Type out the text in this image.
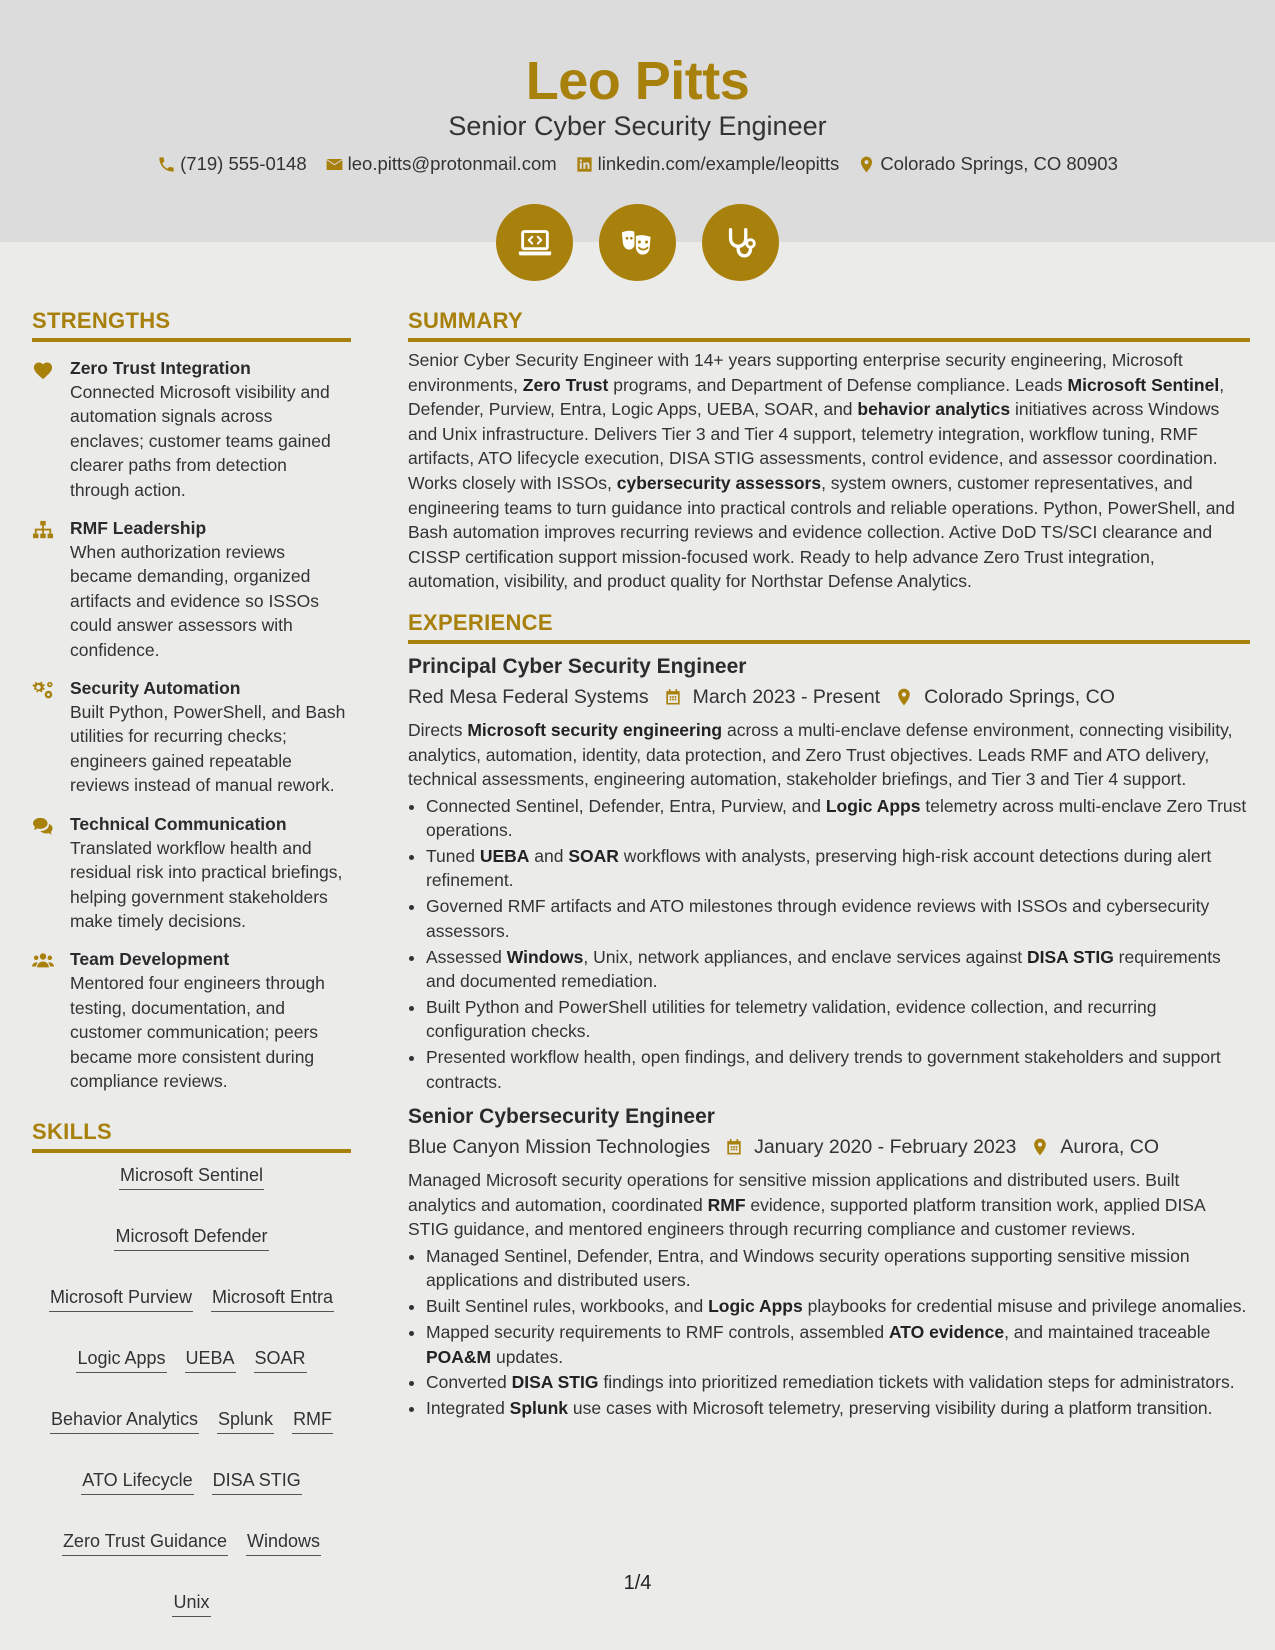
Leo Pitts
Senior Cyber Security Engineer
(719) 555-0148 leo.pitts@protonmail.com linkedin.com/example/leopitts Colorado Springs, CO 80903
STRENGTHS
Zero Trust Integration
Connected Microsoft visibility and automation signals across enclaves; customer teams gained clearer paths from detection through action.
RMF Leadership
When authorization reviews became demanding, organized artifacts and evidence so ISSOs could answer assessors with confidence.
Security Automation
Built Python, PowerShell, and Bash utilities for recurring checks; engineers gained repeatable reviews instead of manual rework.
Technical Communication
Translated workflow health and residual risk into practical briefings, helping government stakeholders make timely decisions.
Team Development
Mentored four engineers through testing, documentation, and customer communication; peers became more consistent during compliance reviews.
SKILLS
Microsoft Sentinel
Microsoft Defender
Microsoft Purview Microsoft Entra
Logic Apps UEBA SOAR
Behavior Analytics Splunk RMF
ATO Lifecycle DISA STIG
Zero Trust Guidance Windows
Unix
SUMMARY
Senior Cyber Security Engineer with 14+ years supporting enterprise security engineering, Microsoft environments, Zero Trust programs, and Department of Defense compliance. Leads Microsoft Sentinel, Defender, Purview, Entra, Logic Apps, UEBA, SOAR, and behavior analytics initiatives across Windows and Unix infrastructure. Delivers Tier 3 and Tier 4 support, telemetry integration, workflow tuning, RMF artifacts, ATO lifecycle execution, DISA STIG assessments, control evidence, and assessor coordination. Works closely with ISSOs, cybersecurity assessors, system owners, customer representatives, and engineering teams to turn guidance into practical controls and reliable operations. Python, PowerShell, and Bash automation improves recurring reviews and evidence collection. Active DoD TS/SCI clearance and CISSP certification support mission-focused work. Ready to help advance Zero Trust integration, automation, visibility, and product quality for Northstar Defense Analytics.
EXPERIENCE
Principal Cyber Security Engineer
Red Mesa Federal Systems March 2023 - Present Colorado Springs, CO
Directs Microsoft security engineering across a multi-enclave defense environment, connecting visibility, analytics, automation, identity, data protection, and Zero Trust objectives. Leads RMF and ATO delivery, technical assessments, engineering automation, stakeholder briefings, and Tier 3 and Tier 4 support.
• Connected Sentinel, Defender, Entra, Purview, and Logic Apps telemetry across multi-enclave Zero Trust operations.
• Tuned UEBA and SOAR workflows with analysts, preserving high-risk account detections during alert refinement.
• Governed RMF artifacts and ATO milestones through evidence reviews with ISSOs and cybersecurity assessors.
• Assessed Windows, Unix, network appliances, and enclave services against DISA STIG requirements and documented remediation.
• Built Python and PowerShell utilities for telemetry validation, evidence collection, and recurring configuration checks.
• Presented workflow health, open findings, and delivery trends to government stakeholders and support contracts.
Senior Cybersecurity Engineer
Blue Canyon Mission Technologies January 2020 - February 2023 Aurora, CO
Managed Microsoft security operations for sensitive mission applications and distributed users. Built analytics and automation, coordinated RMF evidence, supported platform transition work, applied DISA STIG guidance, and mentored engineers through recurring compliance and customer reviews.
• Managed Sentinel, Defender, Entra, and Windows security operations supporting sensitive mission applications and distributed users.
• Built Sentinel rules, workbooks, and Logic Apps playbooks for credential misuse and privilege anomalies.
• Mapped security requirements to RMF controls, assembled ATO evidence, and maintained traceable POA&M updates.
• Converted DISA STIG findings into prioritized remediation tickets with validation steps for administrators.
• Integrated Splunk use cases with Microsoft telemetry, preserving visibility during a platform transition.
1/4
